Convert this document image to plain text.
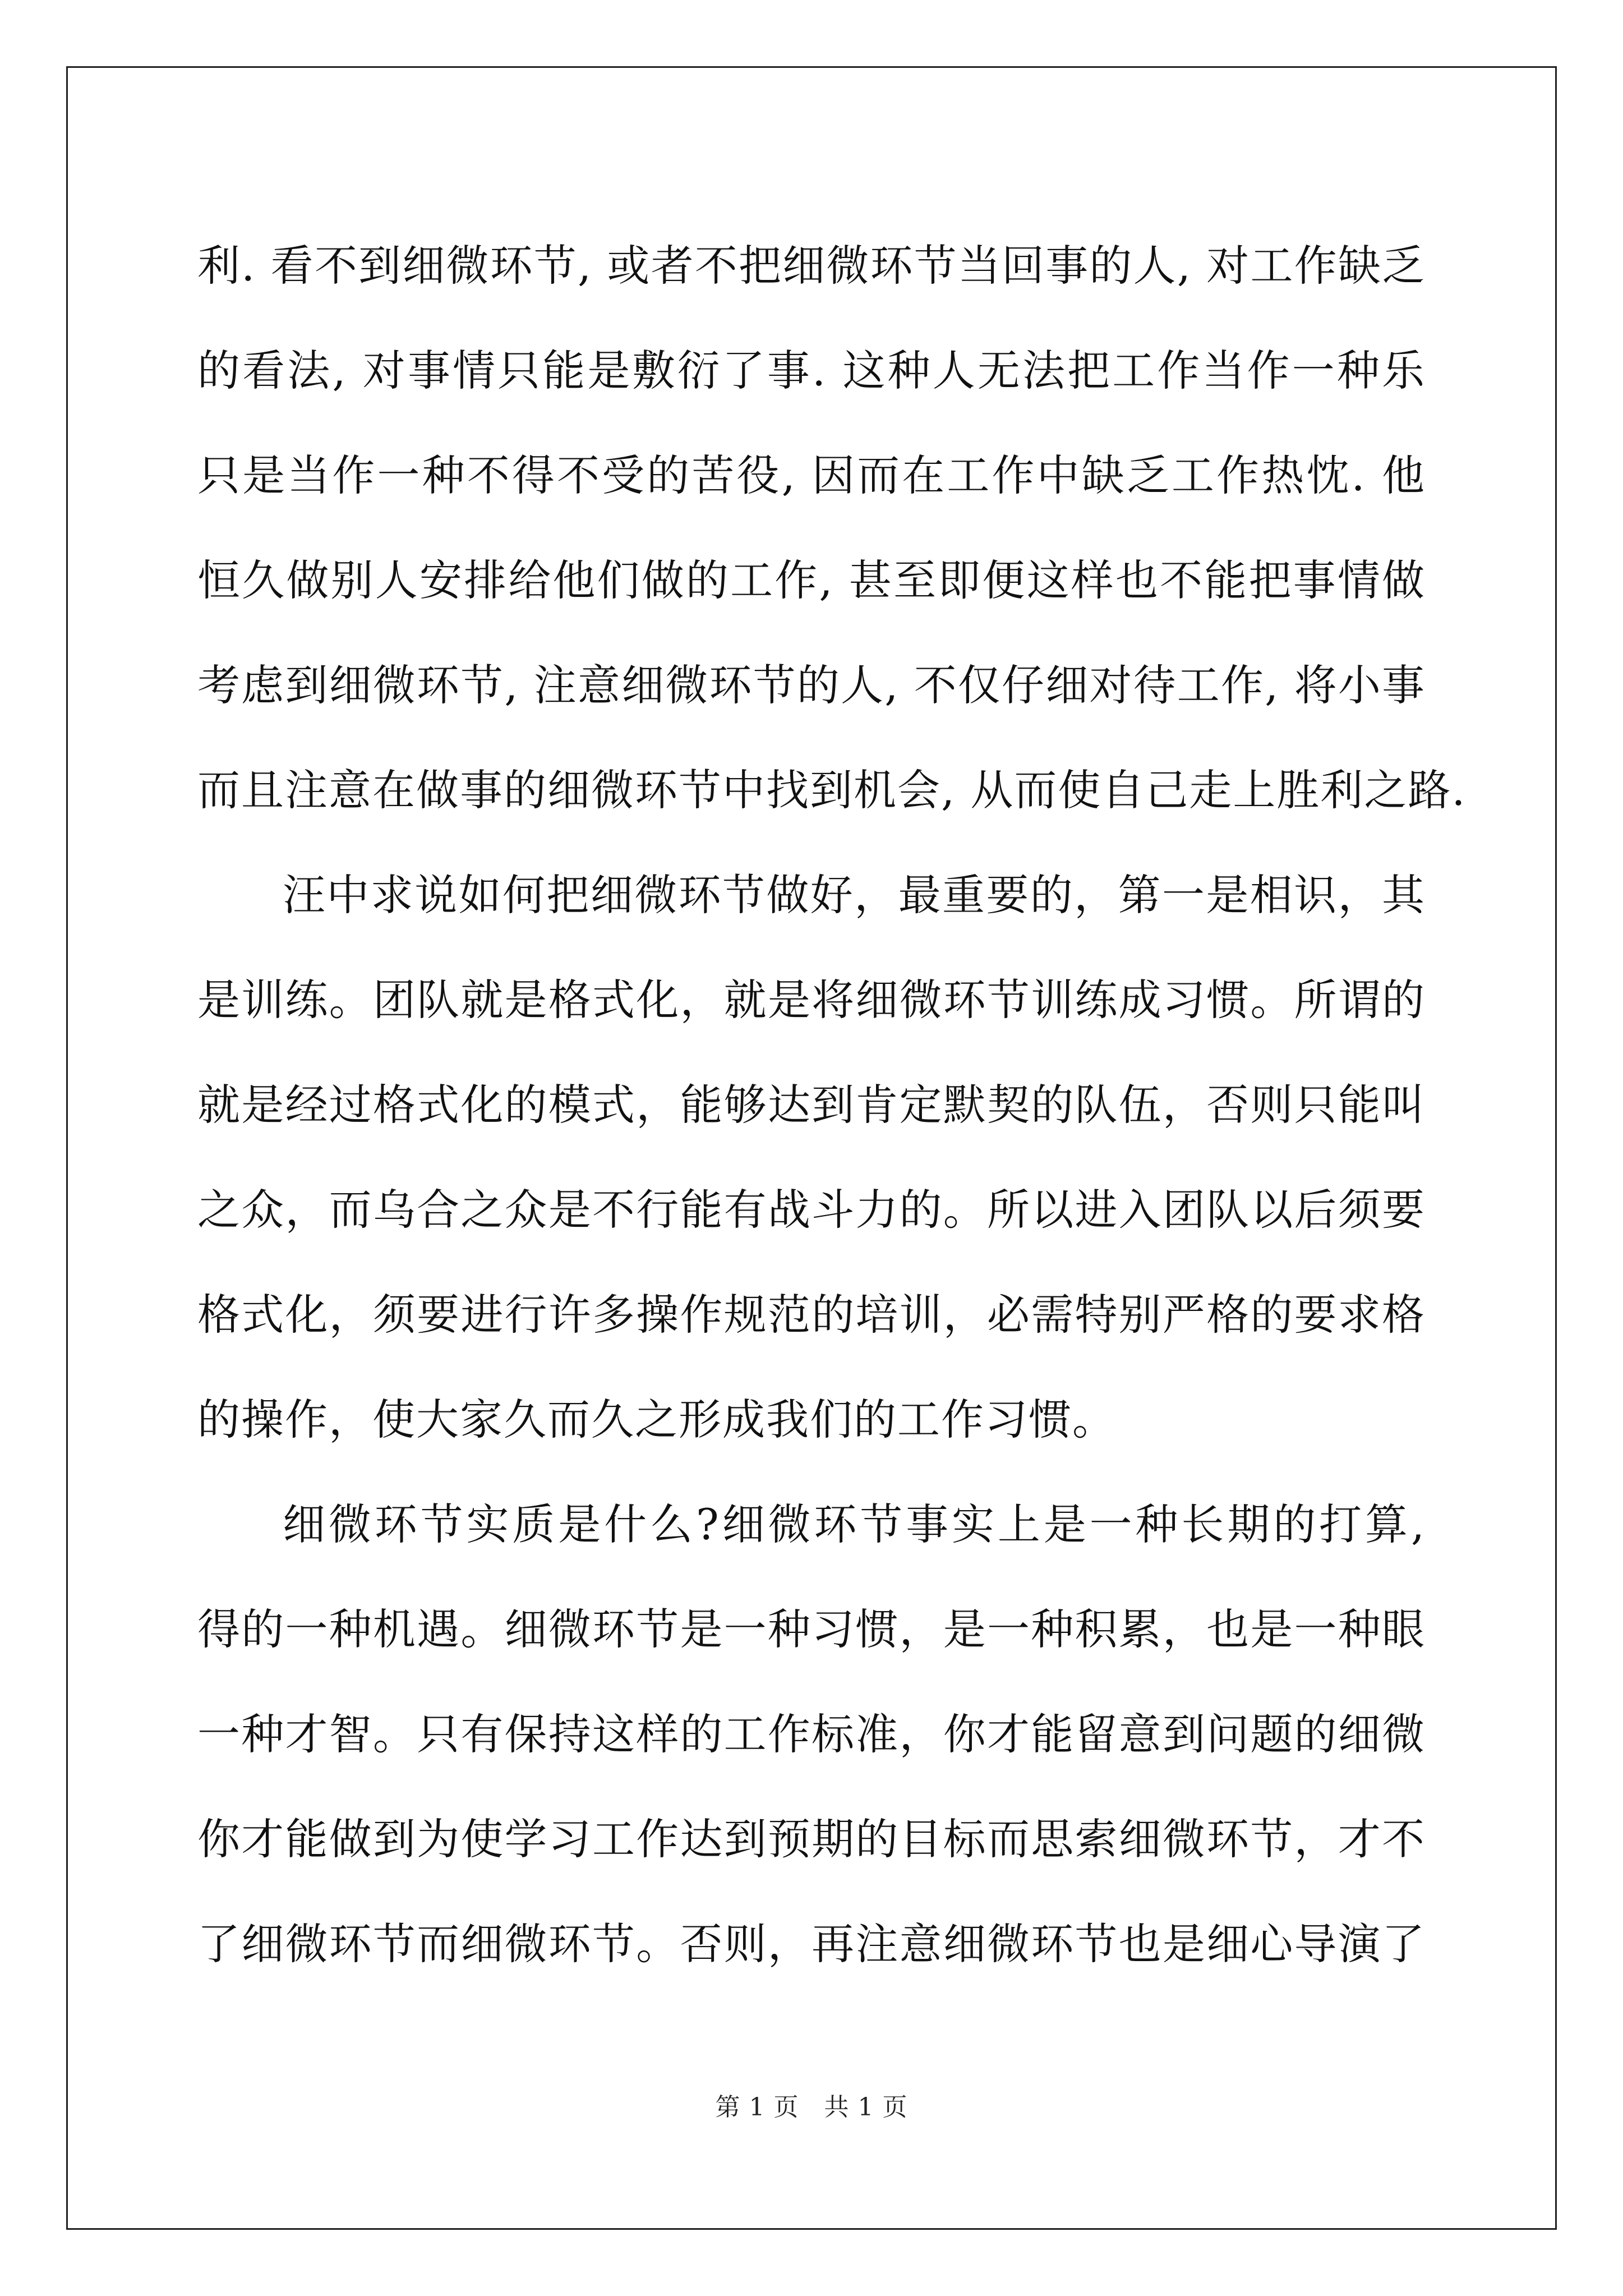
利. 看不到细微环节, 或者不把细微环节当回事的人, 对工作缺乏
的看法, 对事情只能是敷衍了事. 这种人无法把工作当作一种乐
只是当作一种不得不受的苦役, 因而在工作中缺乏工作热忱. 他
恒久做别人安排给他们做的工作, 甚至即便这样也不能把事情做
考虑到细微环节, 注意细微环节的人, 不仅仔细对待工作, 将小事
而且注意在做事的细微环节中找到机会, 从而使自己走上胜利之路.
汪中求说如何把细微环节做好，最重要的，第一是相识，其
是训练。团队就是格式化，就是将细微环节训练成习惯。所谓的
就是经过格式化的模式，能够达到肯定默契的队伍，否则只能叫
之众，而乌合之众是不行能有战斗力的。所以进入团队以后须要
格式化，须要进行许多操作规范的培训，必需特别严格的要求格
的操作，使大家久而久之形成我们的工作习惯。
细微环节实质是什么?细微环节事实上是一种长期的打算,
得的一种机遇。细微环节是一种习惯，是一种积累，也是一种眼
一种才智。只有保持这样的工作标准，你才能留意到问题的细微
你才能做到为使学习工作达到预期的目标而思索细微环节，才不
了细微环节而细微环节。否则，再注意细微环节也是细心导演了
第 1 页　共 1 页
